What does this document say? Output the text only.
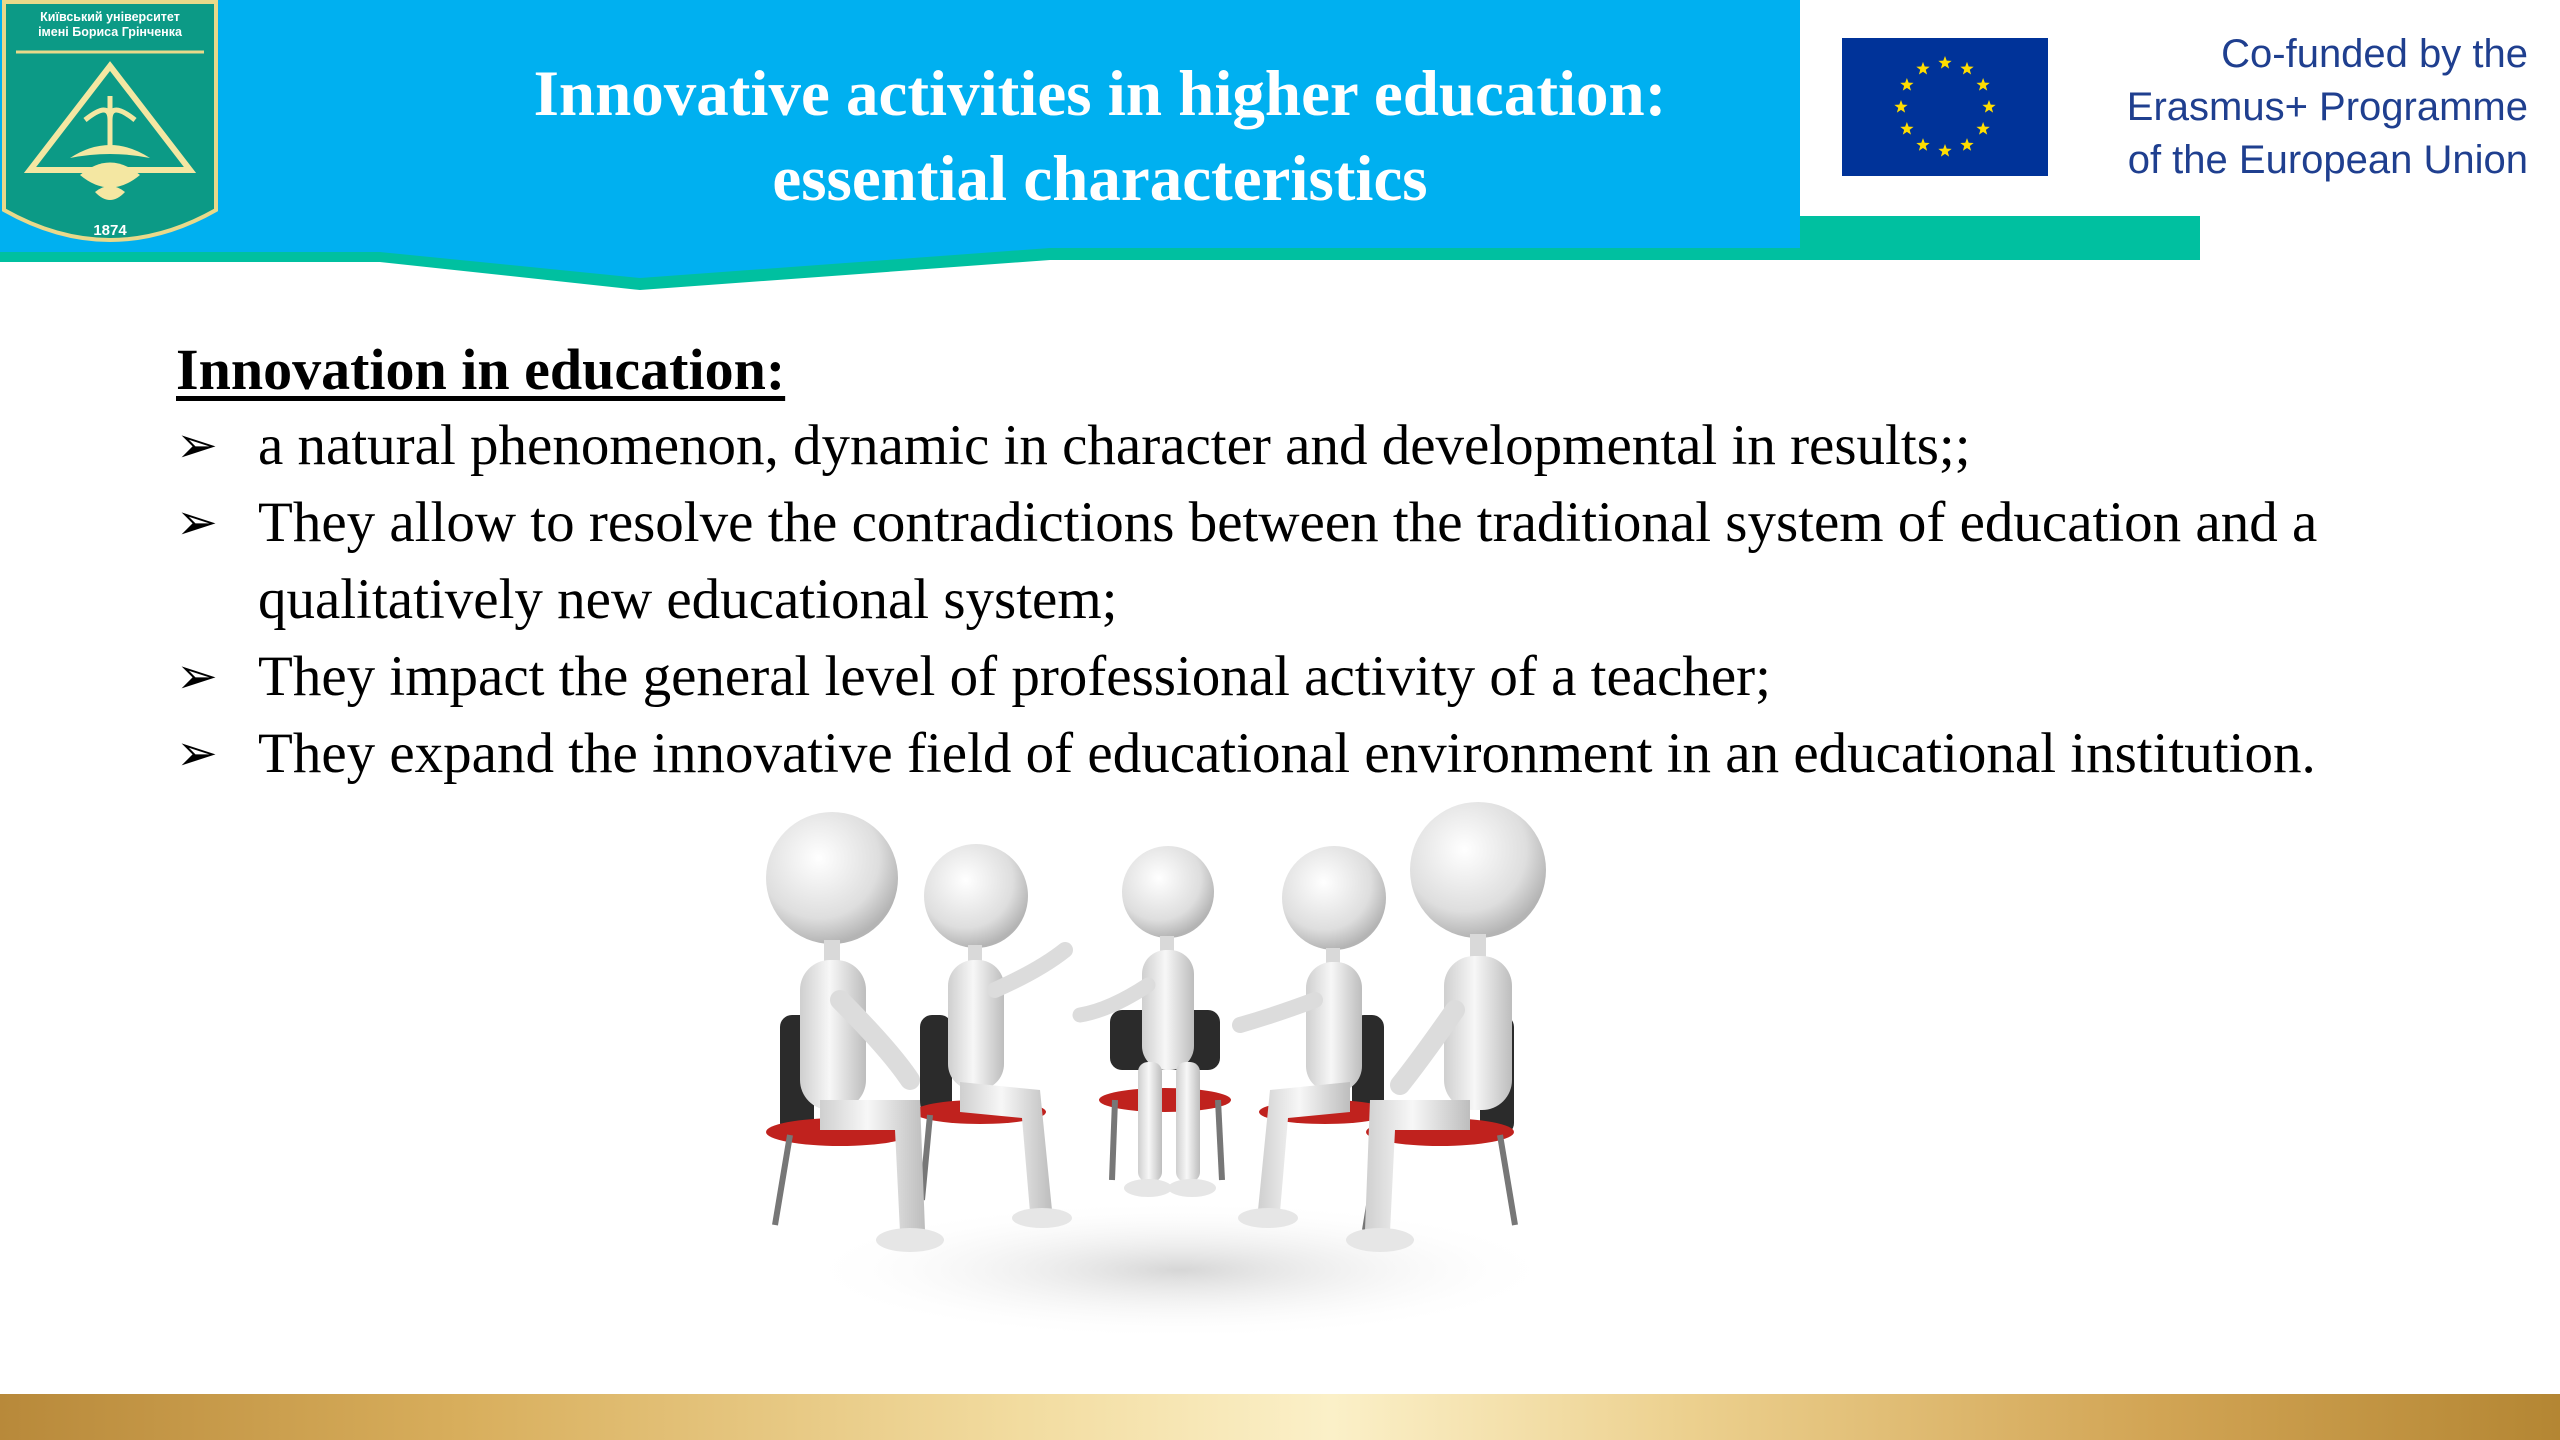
Innovative activities in higher education:
essential characteristics
Київський університет
імені Бориса Грінченка
1874
Co-funded by the
Erasmus+ Programme
of the European Union
Innovation in education:
➢ a natural phenomenon, dynamic in character and developmental in results;;
➢ They allow to resolve the contradictions between the traditional system of education and a qualitatively new educational system;
➢ They impact the general level of professional activity of a teacher;
➢ They expand the innovative field of educational environment in an educational institution.
